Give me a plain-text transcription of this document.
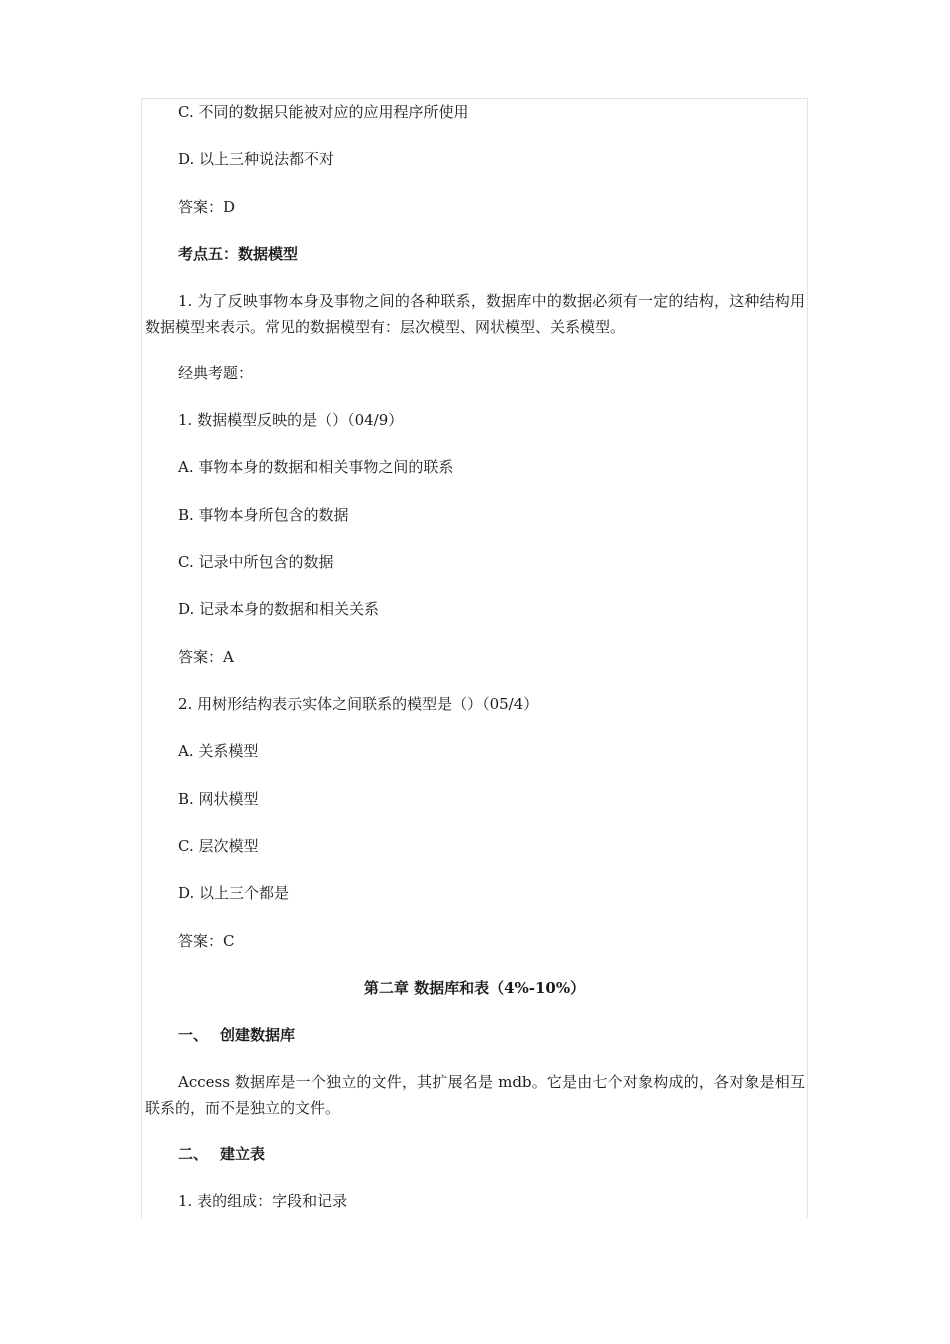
C. 不同的数据只能被对应的应用程序所使用
D. 以上三种说法都不对
答案：D
考点五：数据模型
1. 为了反映事物本身及事物之间的各种联系，数据库中的数据必须有一定的结构，这种结构用数据模型来表示。常见的数据模型有：层次模型、网状模型、关系模型。
经典考题：
1. 数据模型反映的是（）（04/9）
A. 事物本身的数据和相关事物之间的联系
B. 事物本身所包含的数据
C. 记录中所包含的数据
D. 记录本身的数据和相关关系
答案：A
2. 用树形结构表示实体之间联系的模型是（）（05/4）
A. 关系模型
B. 网状模型
C. 层次模型
D. 以上三个都是
答案：C
第二章 数据库和表（4%-10%）
一、 创建数据库
Access 数据库是一个独立的文件，其扩展名是 mdb。它是由七个对象构成的，各对象是相互联系的，而不是独立的文件。
二、 建立表
1. 表的组成：字段和记录
